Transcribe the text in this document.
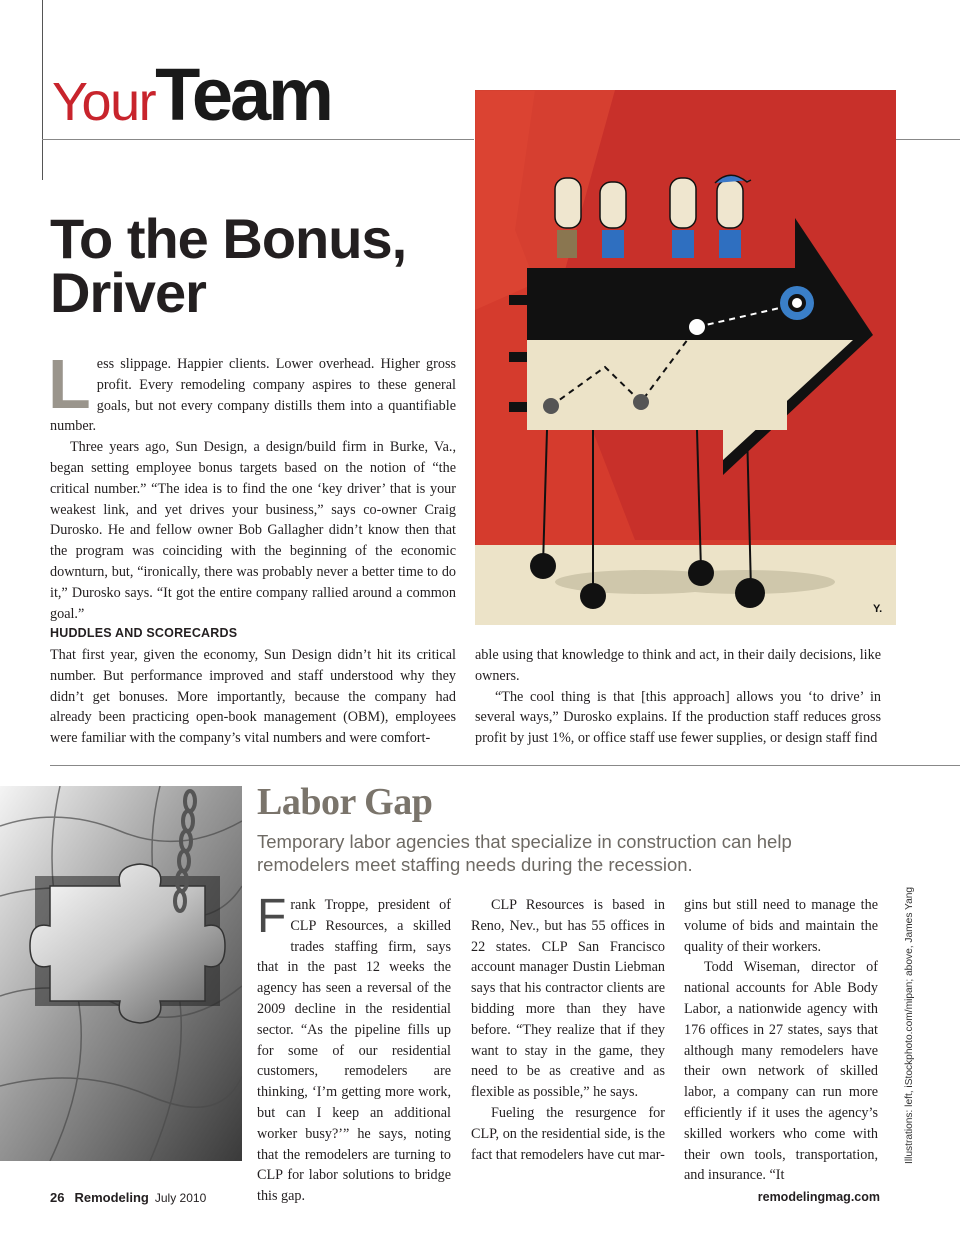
YourTeam
To the Bonus, Driver

Less slippage. Happier clients. Lower overhead. Higher gross profit. Every remodeling company aspires to these general goals, but not every company distills them into a quantifiable number.

Three years ago, Sun Design, a design/build firm in Burke, Va., began setting employee bonus targets based on the notion of “the critical number.” “The idea is to find the one ‘key driver’ that is your weakest link, and yet drives your business,” says co-owner Craig Durosko. He and fellow owner Bob Gallagher didn’t know then that the program was coinciding with the beginning of the economic downturn, but, “ironically, there was probably never a better time to do it,” Durosko says. “It got the entire company rallied around a common goal.”

HUDDLES AND SCORECARDS

That first year, given the economy, Sun Design didn’t hit its critical number. But performance improved and staff understood why they didn’t get bonuses. More importantly, because the company had already been practicing open-book management (OBM), employees were familiar with the company’s vital numbers and were comfort-

able using that knowledge to think and act, in their daily decisions, like owners.

“The cool thing is that [this approach] allows you ‘to drive’ in several ways,” Durosko explains. If the production staff reduces gross profit by just 1%, or office staff use fewer supplies, or design staff find

Y.
Labor Gap
Temporary labor agencies that specialize in construction can help remodelers meet staffing needs during the recession.

Frank Troppe, president of CLP Resources, a skilled trades staffing firm, says that in the past 12 weeks the agency has seen a reversal of the 2009 decline in the residential sector. “As the pipeline fills up for some of our residential customers, remodelers are thinking, ‘I’m getting more work, but can I keep an additional worker busy?’” he says, noting that the remodelers are turning to CLP for labor solutions to bridge this gap.

CLP Resources is based in Reno, Nev., but has 55 offices in 22 states. CLP San Francisco account manager Dustin Liebman says that his contractor clients are bidding more than they have before. “They realize that if they want to stay in the game, they need to be as creative and as flexible as possible,” he says.

Fueling the resurgence for CLP, on the residential side, is the fact that remodelers have cut mar-

gins but still need to manage the volume of bids and maintain the quality of their workers.

Todd Wiseman, director of national accounts for Able Body Labor, a nationwide agency with 176 offices in 27 states, says that although many remodelers have their own network of skilled labor, a company can run more efficiently if it uses the agency’s skilled workers who come with their own tools, transportation, and insurance. “It

Illustrations: left, iStockphoto.com/mipan; above, James Yang
26 Remodeling July 2010	remodelingmag.com
